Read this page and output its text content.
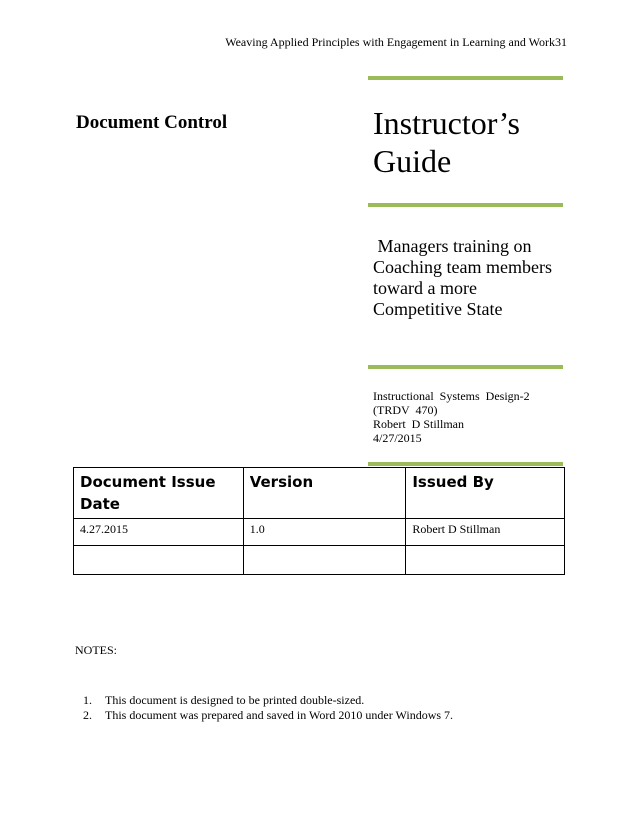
Weaving Applied Principles with Engagement in Learning and Work31
Document Control	Instructor’s Guide
Managers training on Coaching team members toward a more Competitive State
Instructional  Systems  Design-2
(TRDV  470)
Robert  D Stillman
4/27/2015
Document Issue Date	Version	Issued By
4.27.2015	1.0	Robert D Stillman

NOTES:
1.	This document is designed to be printed double-sized.
2.	This document was prepared and saved in Word 2010 under Windows 7.
